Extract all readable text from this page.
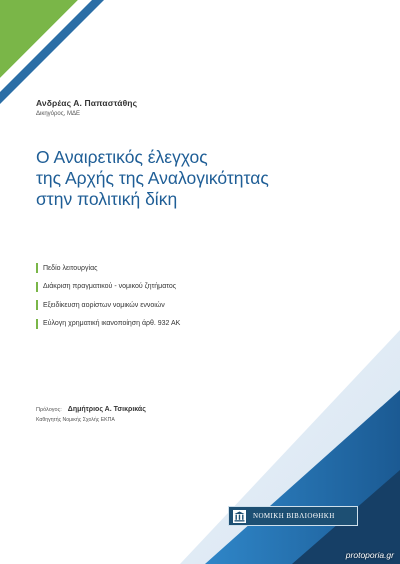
Ανδρέας Α. Παπαστάθης
Δικηγόρος, ΜΔΕ
Ο Αναιρετικός έλεγχος
της Αρχής της Αναλογικότητας
στην πολιτική δίκη
Πεδίο λειτουργίας
Διάκριση πραγματικού - νομικού ζητήματος
Εξειδίκευση αορίστων νομικών εννοιών
Εύλογη χρηματική ικανοποίηση άρθ. 932 ΑΚ
Πρόλογος: Δημήτριος Α. Τσικρικάς
Καθηγητής Νομικής Σχολής ΕΚΠΑ
ΝΟΜΙΚΗ ΒΙΒΛΙΟΘΗΚΗ
protoporia.gr
